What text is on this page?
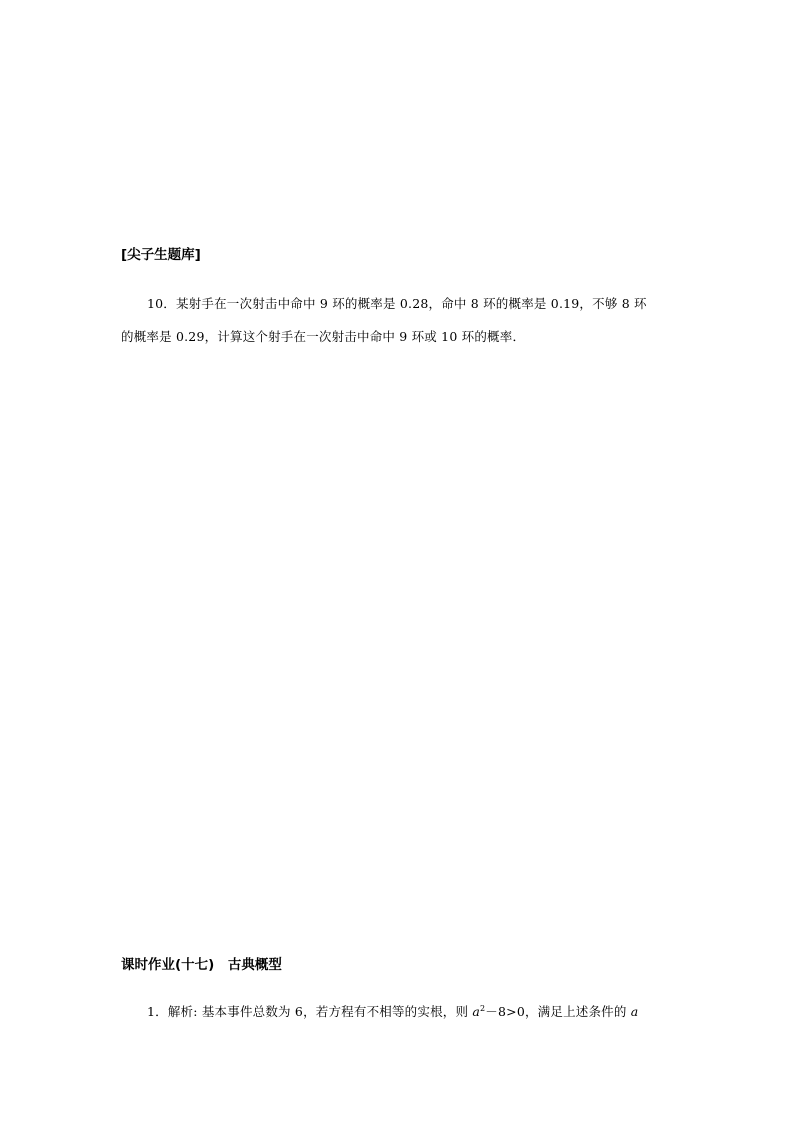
[尖子生题库]
10．某射手在一次射击中命中 9 环的概率是 0.28，命中 8 环的概率是 0.19，不够 8 环
的概率是 0.29，计算这个射手在一次射击中命中 9 环或 10 环的概率．
课时作业(十七)　古典概型
1．解析: 基本事件总数为 6，若方程有不相等的实根，则 $a^2-8>0$，满足上述条件的 a
